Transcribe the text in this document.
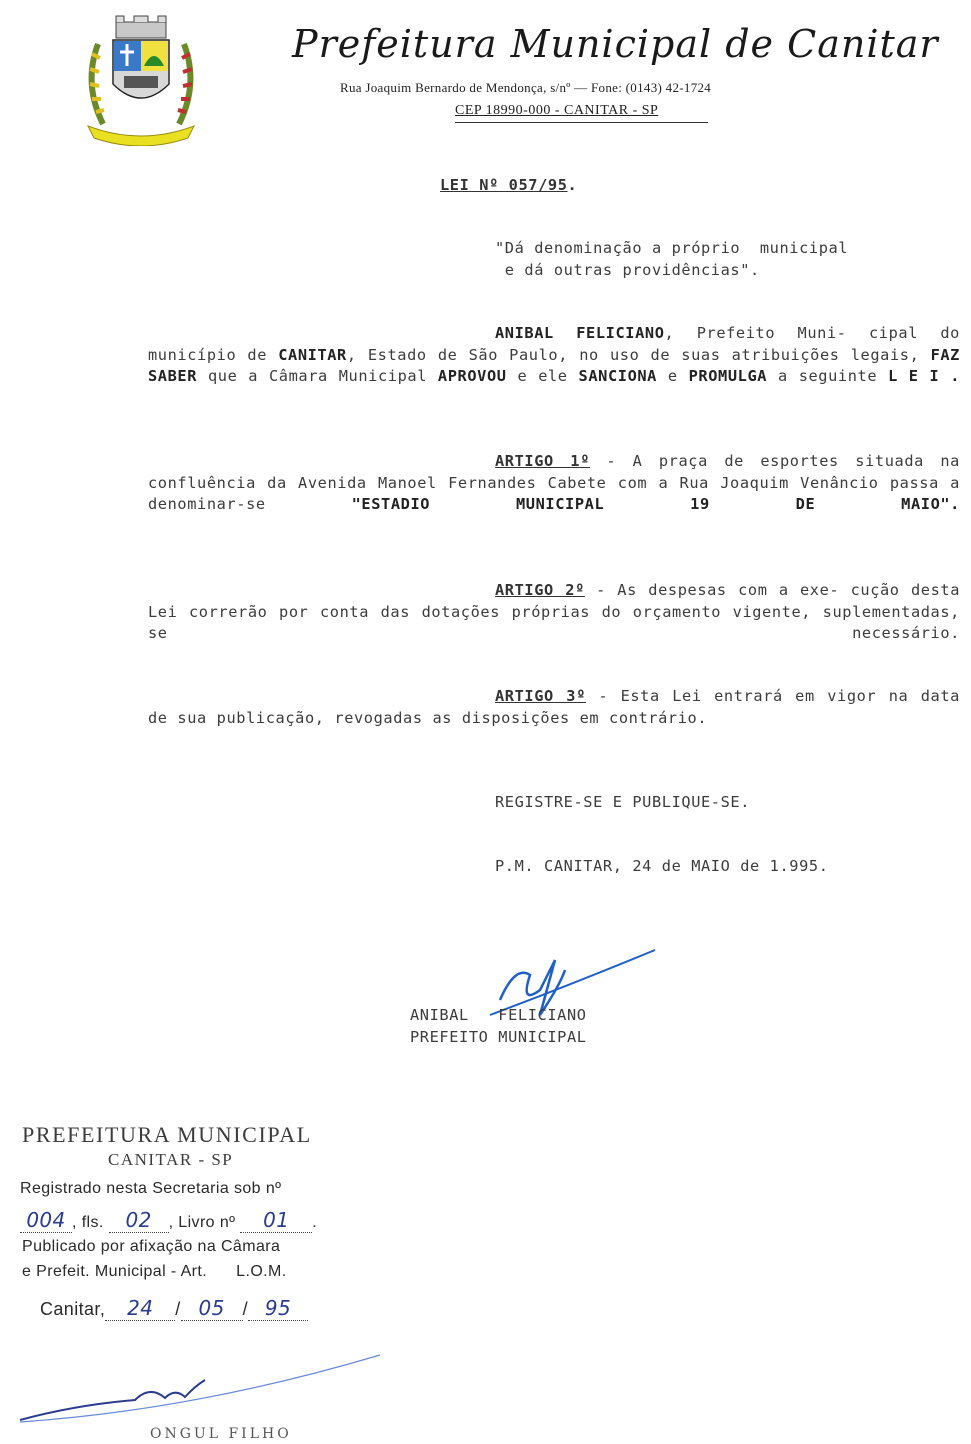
Prefeitura Municipal de Canitar
Rua Joaquim Bernardo de Mendonça, s/nº — Fone: (0143) 42-1724
CEP 18990-000 - CANITAR - SP
LEI Nº 057/95.
"Dá denominação a próprio  municipal
e dá outras providências".
ANIBAL FELICIANO, Prefeito Muni- cipal do município de CANITAR, Estado de São Paulo, no uso de suas atribuições legais, FAZ SABER que a Câmara Municipal APROVOU e ele SANCIONA e PROMULGA a seguinte L E I .
ARTIGO 1º - A praça de esportes situada na confluência da Avenida Manoel Fernandes Cabete com a Rua Joaquim Venâncio passa a denominar-se "ESTADIO MUNICIPAL 19 DE MAIO".
ARTIGO 2º - As despesas com a exe- cução desta Lei correrão por conta das dotações próprias do orçamento vigente, suplementadas, se necessário.
ARTIGO 3º - Esta Lei entrará em vigor na data de sua publicação, revogadas as disposições em contrário.
REGISTRE-SE E PUBLIQUE-SE.
P.M. CANITAR, 24 de MAIO de 1.995.
ANIBAL   FELICIANO
PREFEITO MUNICIPAL
PREFEITURA MUNICIPAL
CANITAR - SP
Registrado nesta Secretaria sob nº
004 , fls. 02 , Livro nº 01 .
Publicado por afixação na Câmara
e Prefeit. Municipal - Art. L.O.M.
Canitar, 24 / 05 / 95
ONGUL FILHO
